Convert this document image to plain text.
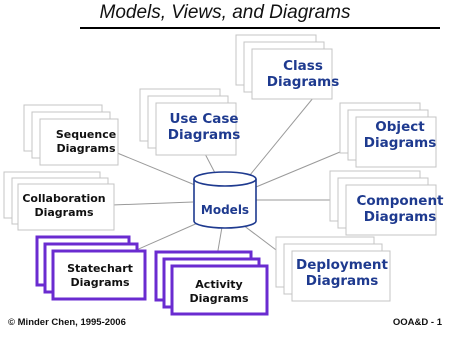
Models, Views, and Diagrams
Class
Diagrams
Use Case
Diagrams	Object
Diagrams
Sequence
Diagrams
Collaboration
Diagrams
Component
Diagrams
Statechart
Diagrams	Activity
Diagrams
Deployment
Diagrams
Models
© Minder Chen, 1995-2006	OOA&D - 1
